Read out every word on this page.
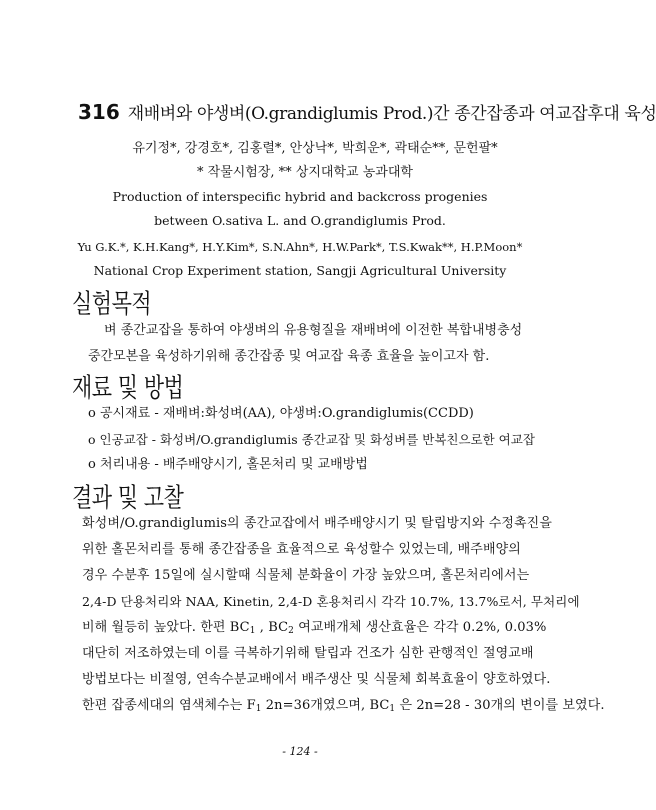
316 재배벼와 야생벼(O.grandiglumis Prod.)간 종간잡종과 여교잡후대 육성
유기정*, 강경호*, 김홍렬*, 안상낙*, 박희운*, 곽태순**, 문헌팔*
* 작물시험장, ** 상지대학교 농과대학
Production of interspecific hybrid and backcross progenies
between O.sativa L. and O.grandiglumis Prod.
Yu G.K.*, K.H.Kang*, H.Y.Kim*, S.N.Ahn*, H.W.Park*, T.S.Kwak**, H.P.Moon*
National Crop Experiment station, Sangji Agricultural University
실험목적
벼 종간교잡을 통하여 야생벼의 유용형질을 재배벼에 이전한 복합내병충성
중간모본을 육성하기위해 종간잡종 및 여교잡 육종 효율을 높이고자 함.
재료 및 방법
o 공시재료 - 재배벼:화성벼(AA), 야생벼:O.grandiglumis(CCDD)
o 인공교잡 - 화성벼/O.grandiglumis 종간교잡 및 화성벼를 반복친으로한 여교잡
o 처리내용 - 배주배양시기, 홀몬처리 및 교배방법
결과 및 고찰
화성벼/O.grandiglumis의 종간교잡에서 배주배양시기 및 탈립방지와 수정촉진을
위한 홀몬처리를 통해 종간잡종을 효율적으로 육성할수 있었는데, 배주배양의
경우 수분후 15일에 실시할때 식물체 분화율이 가장 높았으며, 홀몬처리에서는
2,4-D 단용처리와 NAA, Kinetin, 2,4-D 혼용처리시 각각 10.7%, 13.7%로서, 무처리에
비해 월등히 높았다. 한편 $BC_1$ , $BC_2$ 여교배개체 생산효율은 각각 0.2%, 0.03%
대단히 저조하였는데 이를 극복하기위해 탈립과 건조가 심한 관행적인 절영교배
방법보다는 비절영, 연속수분교배에서 배주생산 및 식물체 회복효율이 양호하였다.
한편 잡종세대의 염색체수는 $F_1$ 2n=36개였으며, $BC_1$ 은 2n=28 - 30개의 변이를 보였다.
- 124 -
